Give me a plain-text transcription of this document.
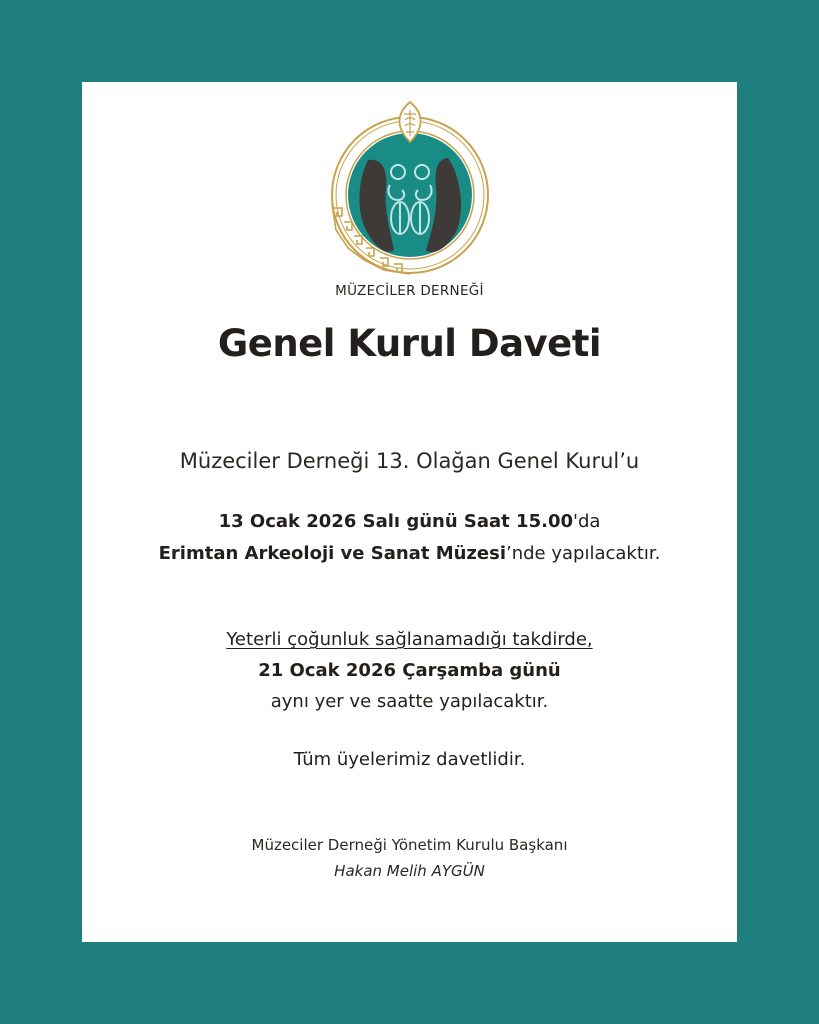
MÜZECİLER DERNEĞİ
Genel Kurul Daveti
Müzeciler Derneği 13. Olağan Genel Kurul’u
13 Ocak 2026 Salı günü Saat 15.00'da
Erimtan Arkeoloji ve Sanat Müzesi’nde yapılacaktır.
Yeterli çoğunluk sağlanamadığı takdirde,
21 Ocak 2026 Çarşamba günü
aynı yer ve saatte yapılacaktır.
Tüm üyelerimiz davetlidir.
Müzeciler Derneği Yönetim Kurulu Başkanı
Hakan Melih AYGÜN
